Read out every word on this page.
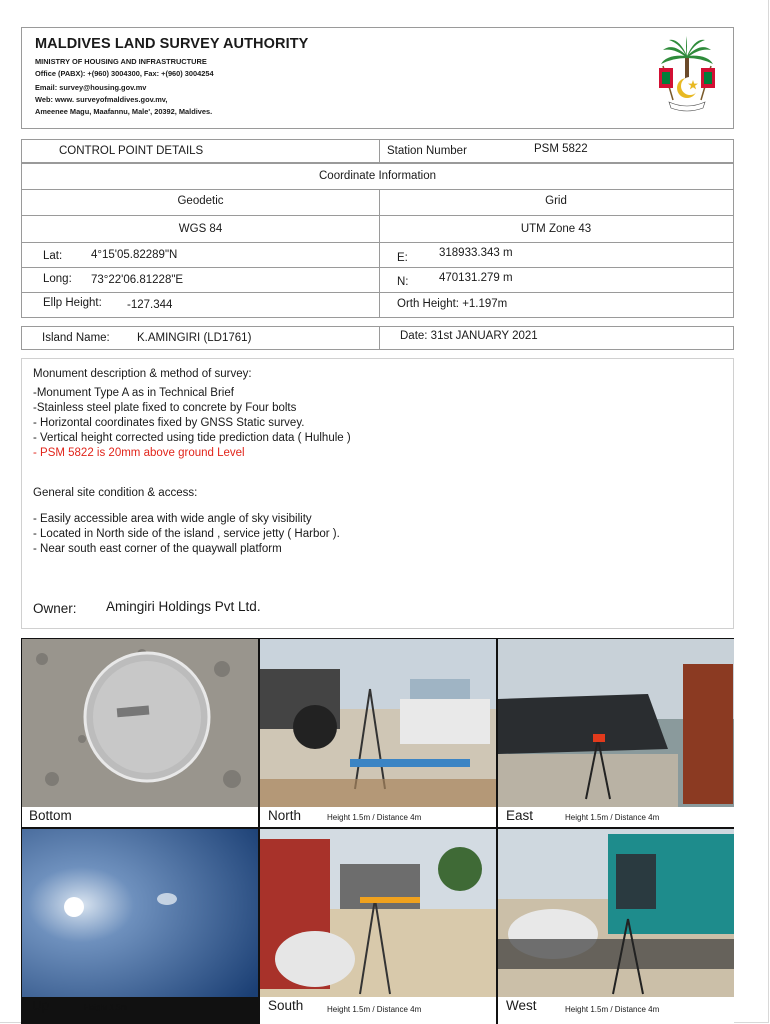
MALDIVES LAND SURVEY AUTHORITY
MINISTRY OF HOUSING AND INFRASTRUCTURE
Office (PABX): +(960) 3004300, Fax: +(960) 3004254
Email: survey@housing.gov.mv
Web: www. surveyofmaldives.gov.mv,
Ameenee Magu, Maafannu, Male', 20392, Maldives.
CONTROL POINT DETAILS	Station Number	PSM 5822
Coordinate Information
Geodetic	Grid
WGS 84	UTM Zone 43
Lat:	4°15'05.82289"N	E:	318933.343 m
Long: 73°22'06.81228"E	N:	470131.279 m
Ellp Height: -127.344	Orth Height: +1.197m
Island Name: K.AMINGIRI (LD1761)	Date: 31st JANUARY 2021
Monument description & method of survey:
-Monument Type A as in Technical Brief
-Stainless steel plate fixed to concrete by Four bolts
- Horizontal coordinates fixed by GNSS Static survey.
- Vertical height corrected using tide prediction data ( Hulhule )
- PSM 5822 is 20mm above ground Level
General site condition & access:
- Easily accessible area with wide angle of sky visibility
- Located in North side of the island , service jetty ( Harbor ).
- Near south east corner of the quaywall platform
Owner: Amingiri Holdings Pvt Ltd.
Bottom	North	Height 1.5m / Distance 4m	East	Height 1.5m / Distance 4m
Up	Height 1.5m	South	Height 1.5m / Distance 4m	West	Height 1.5m / Distance 4m
